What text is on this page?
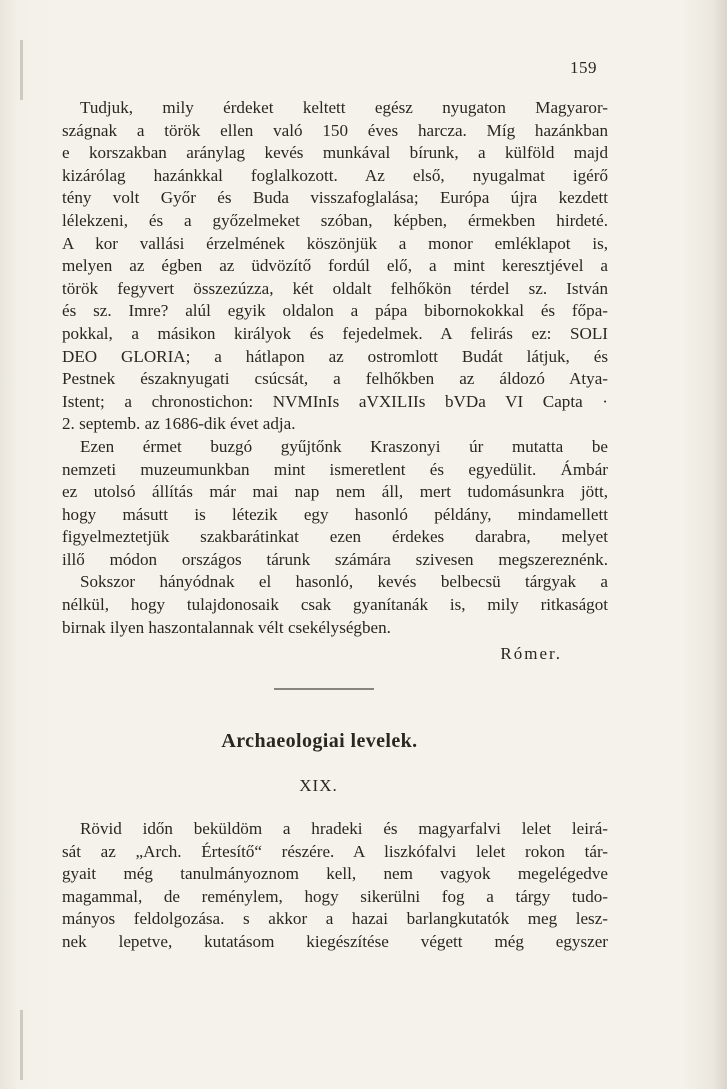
159
Tudjuk, mily érdeket keltett egész nyugaton Magyaror-
szágnak a török ellen való 150 éves harcza. Míg hazánkban
e korszakban aránylag kevés munkával bírunk, a külföld majd
kizárólag hazánkkal foglalkozott. Az első, nyugalmat igérő
tény volt Győr és Buda visszafoglalása; Európa újra kezdett
lélekzeni, és a győzelmeket szóban, képben, érmekben hirdeté.
A kor vallási érzelmének köszönjük a monor emléklapot is,
melyen az égben az üdvözítő fordúl elő, a mint keresztjével a
török fegyvert összezúzza, két oldalt felhőkön térdel sz. István
és sz. Imre? alúl egyik oldalon a pápa bibornokokkal és főpa-
pokkal, a másikon királyok és fejedelmek. A felirás ez: SOLI
DEO GLORIA; a hátlapon az ostromlott Budát látjuk, és
Pestnek északnyugati csúcsát, a felhőkben az áldozó Atya-
Istent; a chronostichon: NVMInIs aVXILIIs bVDa VI Capta ·
2. septemb. az 1686-dik évet adja.
Ezen érmet buzgó gyűjtőnk Kraszonyi úr mutatta be
nemzeti muzeumunkban mint ismeretlent és egyedülit. Ámbár
ez utolsó állítás már mai nap nem áll, mert tudomásunkra jött,
hogy másutt is létezik egy hasonló példány, mindamellett
figyelmeztetjük szakbarátinkat ezen érdekes darabra, melyet
illő módon országos tárunk számára szivesen megszereznénk.
Sokszor hányódnak el hasonló, kevés belbecsü tárgyak a
nélkül, hogy tulajdonosaik csak gyanítanák is, mily ritkaságot
birnak ilyen haszontalannak vélt csekélységben.
Rómer.
Archaeologiai levelek.
XIX.
Rövid időn beküldöm a hradeki és magyarfalvi lelet leirá-
sát az „Arch. Értesítő“ részére. A liszkófalvi lelet rokon tár-
gyait még tanulmányoznom kell, nem vagyok megelégedve
magammal, de reménylem, hogy sikerülni fog a tárgy tudo-
mányos feldolgozása. s akkor a hazai barlangkutatók meg lesz-
nek lepetve, kutatásom kiegészítése végett még egyszer
